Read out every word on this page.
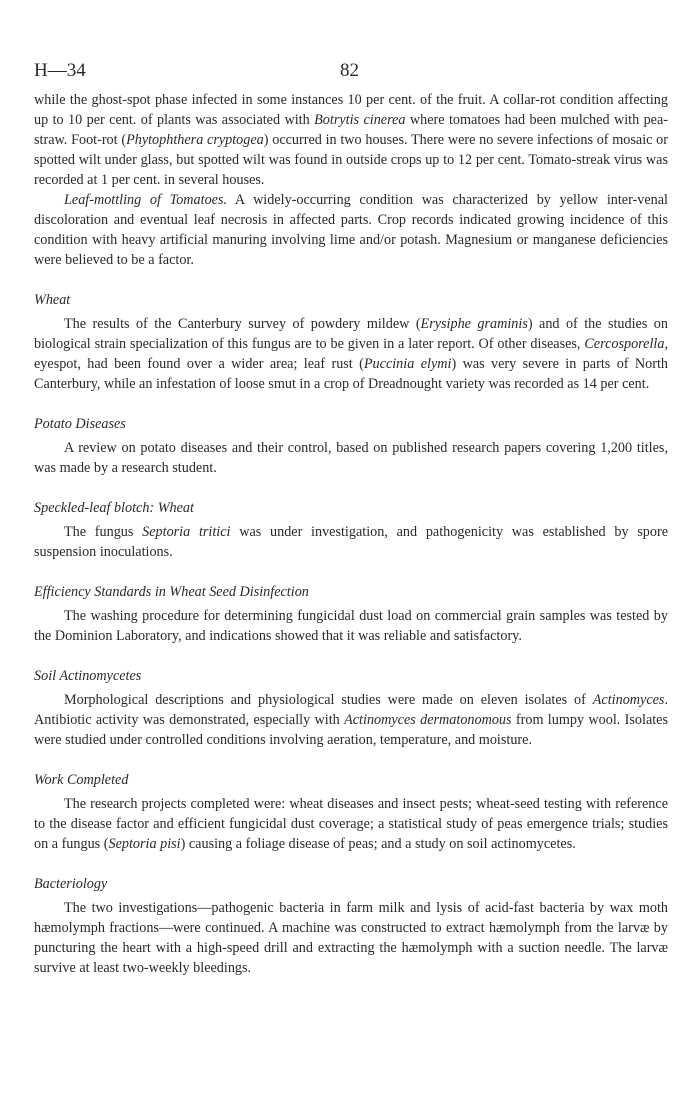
H—34	82

while the ghost-spot phase infected in some instances 10 per cent. of the fruit. A collar-rot condition affecting up to 10 per cent. of plants was associated with Botrytis cinerea where tomatoes had been mulched with pea-straw. Foot-rot (Phytophthera cryptogea) occurred in two houses. There were no severe infections of mosaic or spotted wilt under glass, but spotted wilt was found in outside crops up to 12 per cent. Tomato-streak virus was recorded at 1 per cent. in several houses.

Leaf-mottling of Tomatoes. A widely-occurring condition was characterized by yellow inter-venal discoloration and eventual leaf necrosis in affected parts. Crop records indicated growing incidence of this condition with heavy artificial manuring involving lime and/or potash. Magnesium or manganese deficiencies were believed to be a factor.

Wheat

The results of the Canterbury survey of powdery mildew (Erysiphe graminis) and of the studies on biological strain specialization of this fungus are to be given in a later report. Of other diseases, Cercosporella, eyespot, had been found over a wider area; leaf rust (Puccinia elymi) was very severe in parts of North Canterbury, while an infestation of loose smut in a crop of Dreadnought variety was recorded as 14 per cent.

Potato Diseases

A review on potato diseases and their control, based on published research papers covering 1,200 titles, was made by a research student.

Speckled-leaf blotch: Wheat

The fungus Septoria tritici was under investigation, and pathogenicity was established by spore suspension inoculations.

Efficiency Standards in Wheat Seed Disinfection

The washing procedure for determining fungicidal dust load on commercial grain samples was tested by the Dominion Laboratory, and indications showed that it was reliable and satisfactory.

Soil Actinomycetes

Morphological descriptions and physiological studies were made on eleven isolates of Actinomyces. Antibiotic activity was demonstrated, especially with Actinomyces dermatonomous from lumpy wool. Isolates were studied under controlled conditions involving aeration, temperature, and moisture.

Work Completed

The research projects completed were: wheat diseases and insect pests; wheat-seed testing with reference to the disease factor and efficient fungicidal dust coverage; a statistical study of peas emergence trials; studies on a fungus (Septoria pisi) causing a foliage disease of peas; and a study on soil actinomycetes.

Bacteriology

The two investigations—pathogenic bacteria in farm milk and lysis of acid-fast bacteria by wax moth hæmolymph fractions—were continued. A machine was constructed to extract hæmolymph from the larvæ by puncturing the heart with a high-speed drill and extracting the hæmolymph with a suction needle. The larvæ survive at least two-weekly bleedings.
